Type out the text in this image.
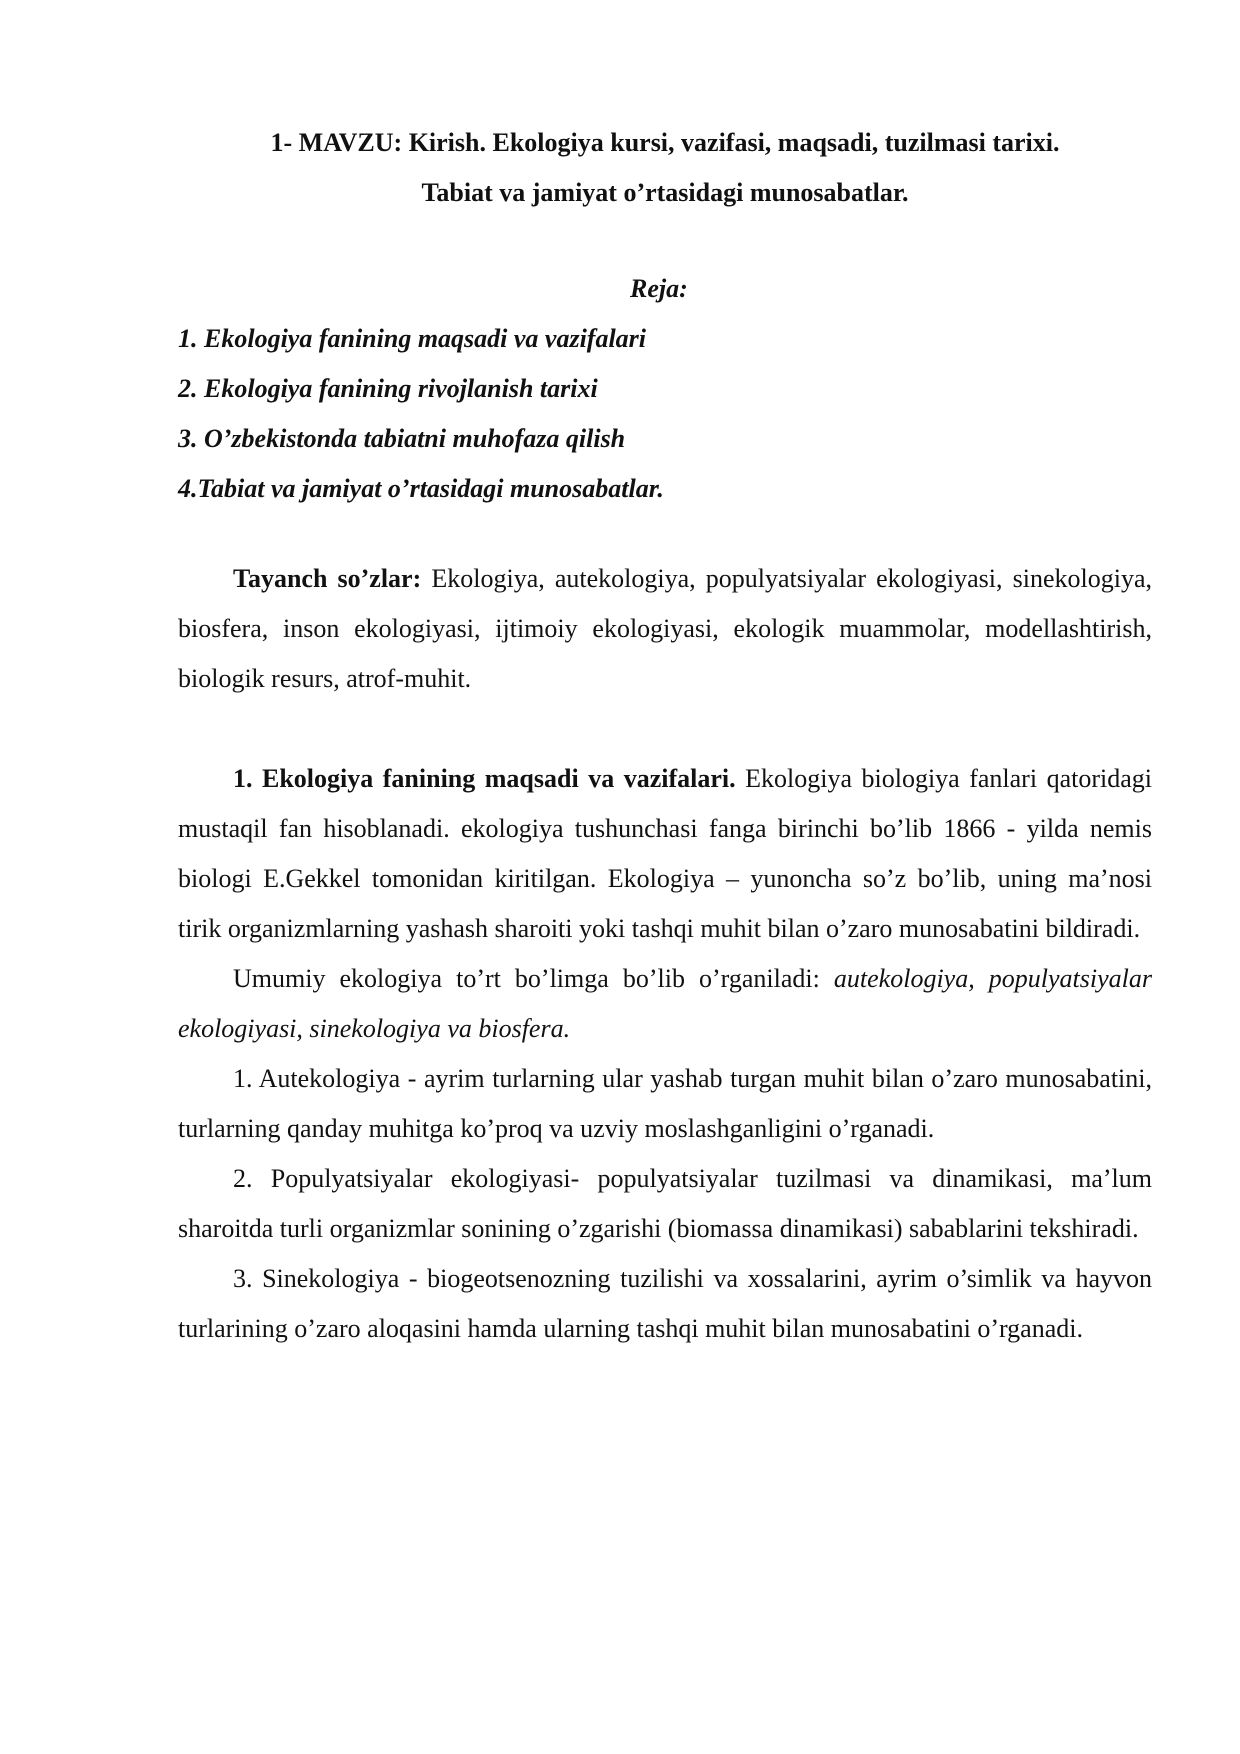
1- MAVZU: Kirish. Ekologiya kursi, vazifasi, maqsadi, tuzilmasi tarixi.
Tabiat va jamiyat o’rtasidagi munosabatlar.
Reja:
1. Ekologiya fanining maqsadi va vazifalari
2. Ekologiya fanining rivojlanish tarixi
3. O’zbekistonda tabiatni muhofaza qilish
4.Tabiat va jamiyat o’rtasidagi munosabatlar.

Tayanch so’zlar: Ekologiya, autekologiya, populyatsiyalar ekologiyasi, sinekologiya, biosfera, inson ekologiyasi, ijtimoiy ekologiyasi, ekologik muammolar, modellashtirish, biologik resurs, atrof-muhit.

1. Ekologiya fanining maqsadi va vazifalari. Ekologiya biologiya fanlari qatoridagi mustaqil fan hisoblanadi. ekologiya tushunchasi fanga birinchi bo’lib 1866 - yilda nemis biologi E.Gekkel tomonidan kiritilgan. Ekologiya – yunoncha so’z bo’lib, uning ma’nosi tirik organizmlarning yashash sharoiti yoki tashqi muhit bilan o’zaro munosabatini bildiradi.

Umumiy ekologiya to’rt bo’limga bo’lib o’rganiladi: autekologiya, populyatsiyalar ekologiyasi, sinekologiya va biosfera.

1. Autekologiya - ayrim turlarning ular yashab turgan muhit bilan o’zaro munosabatini, turlarning qanday muhitga ko’proq va uzviy moslashganligini o’rganadi.

2. Populyatsiyalar ekologiyasi- populyatsiyalar tuzilmasi va dinamikasi, ma’lum sharoitda turli organizmlar sonining o’zgarishi (biomassa dinamikasi) sabablarini tekshiradi.

3. Sinekologiya - biogeotsenozning tuzilishi va xossalarini, ayrim o’simlik va hayvon turlarining o’zaro aloqasini hamda ularning tashqi muhit bilan munosabatini o’rganadi.
